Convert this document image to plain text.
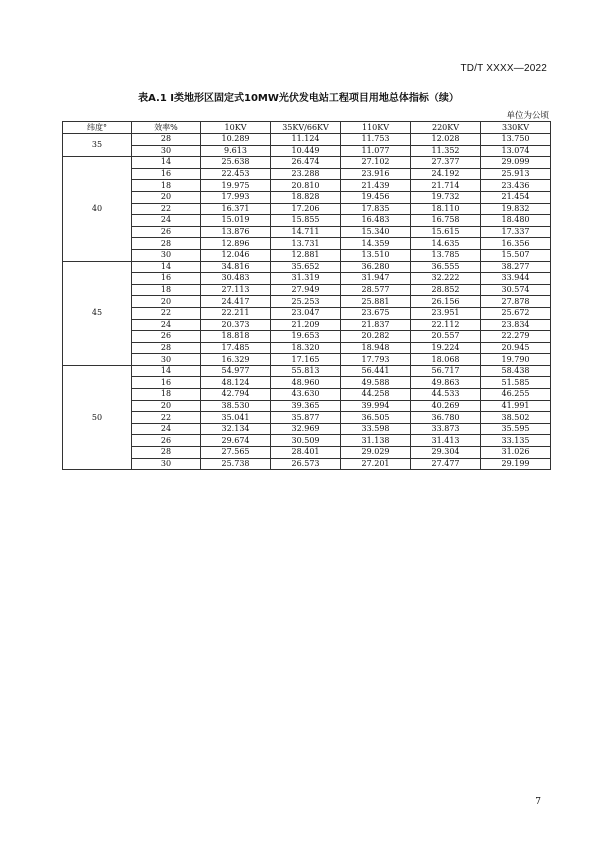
TD/T XXXX—2022
表A.1 Ⅰ类地形区固定式10MW光伏发电站工程项目用地总体指标（续）
单位为公顷
纬度°	效率%	10KV	35KV/66KV	110KV	220KV	330KV
35	28	10.289	11.124	11.753	12.028	13.750
	30	9.613	10.449	11.077	11.352	13.074
40	14	25.638	26.474	27.102	27.377	29.099
	16	22.453	23.288	23.916	24.192	25.913
	18	19.975	20.810	21.439	21.714	23.436
	20	17.993	18.828	19.456	19.732	21.454
	22	16.371	17.206	17.835	18.110	19.832
	24	15.019	15.855	16.483	16.758	18.480
	26	13.876	14.711	15.340	15.615	17.337
	28	12.896	13.731	14.359	14.635	16.356
	30	12.046	12.881	13.510	13.785	15.507
45	14	34.816	35.652	36.280	36.555	38.277
	16	30.483	31.319	31.947	32.222	33.944
	18	27.113	27.949	28.577	28.852	30.574
	20	24.417	25.253	25.881	26.156	27.878
	22	22.211	23.047	23.675	23.951	25.672
	24	20.373	21.209	21.837	22.112	23.834
	26	18.818	19.653	20.282	20.557	22.279
	28	17.485	18.320	18.948	19.224	20.945
	30	16.329	17.165	17.793	18.068	19.790
50	14	54.977	55.813	56.441	56.717	58.438
	16	48.124	48.960	49.588	49.863	51.585
	18	42.794	43.630	44.258	44.533	46.255
	20	38.530	39.365	39.994	40.269	41.991
	22	35.041	35.877	36.505	36.780	38.502
	24	32.134	32.969	33.598	33.873	35.595
	26	29.674	30.509	31.138	31.413	33.135
	28	27.565	28.401	29.029	29.304	31.026
	30	25.738	26.573	27.201	27.477	29.199
7
